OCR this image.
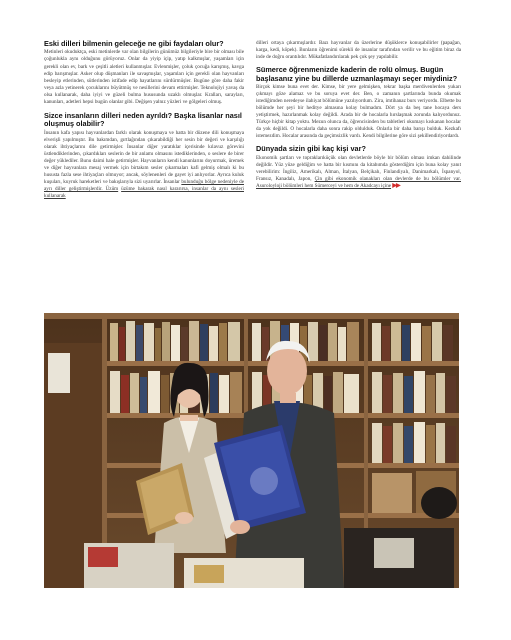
Eski dilleri bilmenin geleceğe ne gibi faydaları olur?
Metinleri okuduktça, eski metinlerde var olan bilgilerin günümüz bilgileriyle bire bir olması bile çoğunlukla aynı olduğunu görüyoruz. Onlar da yiyip içip, yatıp kalkmışlar, yaşamları için gerekli olan ev, bark ve çeşitli aletleri kullanmışlar. Evlenmişler, çoluk çocuğa karışmış, kavga edip barışmışlar. Asker olup düşmanları ile savaşmışlar, yaşamları için gerekli olan hayvanları besleyip etlerinden, sütlerinden istifade edip hayatlarını sürdürmüşler. Bugüne göre daha fakir veya azla yetinerek çocuklarını büyütmüş ve nesillerini devam ettirmişler. Teknolojiyi yavaş da olsa kullanarak, daha iyiyi ve güzeli bulma hususunda uzaklı olmuşlar. Kralları, sarayları, kanunları, adetleri hepsi bugün olanlar gibi. Değişen yalnız yüzleri ve gölgeleri olmuş.
Sizce insanların dilleri neden ayrıldı? Başka lisanlar nasıl oluşmuş olabilir?
İnsanın kafa yapısı hayvanlardan farklı olarak konuşmaya ve hatta bir düzene dili konuşmaya elverişli yapılmıştır. Bu bakımdan, gırtlağından çıkarabildiği her sesin bir değeri ve karşılığı olarak ihtiyaçlarını dile getirmişler. İnsanlar diğer yaratıklar içerisinde kılavuz görevini üstlendiklerinden, çıkardıkları seslerin de bir anlamı olmasını istediklerinden, o seslere de birer değer yüklediler. Bunu daimi hale getirmişler. Hayvanların kendi kanunlarını doyurmak, üremek ve diğer hayvanlara mesaj vermek için birtakım sesler çıkarmaları kafi gelmiş olmalı ki bu hususta fazla sese ihtiyaçları olmuyor; ancak, söylenenleri de gayet iyi anlıyorlar. Ayrıca kuluk kuşuları, kuyruk hareketleri ve bakışlarıyla sizi uyarırlar. İnsanlar bulunduğu bölge nedeniyle de ayrı diller geliştirmişlerdir. Üzüm üzüme bakarak nasıl kararırsa, insanlar da aynı sesleri kullanarak
dilleri ortaya çıkarmışlardır. Bazı hayvanlar da üzerlerine düşüklerce konuşabilirler (papağan, karga, kedi, köpek). Bunların öğrenimi sürekli de insanlar tarafından verilir ve bu eğitim biraz da inde de doğru orantılıdır. Mükafatlandırılarak pek çok şey yapılabilir.
Sümerce öğrenmenizde kaderin de rolü olmuş. Bugün başlasanız yine bu dillerde uzmanlaşmayı seçer miydiniz?
Birçok kimse buna evet der. Kimse, bir yere gelmişken, tekrar başka merdivenlerden yukarı çıkmayı göze alamaz ve bu soruya evet der. Ben, o zamanın şartlarında bunda okumak istediğimden neredeyse ilahiyat bölümüne yazılıyordum. Zira, imtihanaz burs veriyordu. Elbette bu bölümde her şeyi bir heditye almasına kolay bulmadım. Dört ya da beş tane hocaya ders yetiştirmek, hazırlanmak kolay değildi. Arada bir de hocalarla hırslaşmak zorunda kalıyordunuz. Türkçe hiçbir kitap yoktu. Mezun olunca da, öğrencisinden bu tabletleri okumayı kıskanan hocalar da yok değildi. O hocalarla daha sonra rakip oldulduk. Onlarla bir daha barışı bulduk. Kezkafı istemezdim. Hocalar arasında da geçimsizlik vardı. Kendi bilgilerine göre sizi şekillendiriyordardı.
Dünyada sizin gibi kaç kişi var?
Ekonomik şartları ve topraklarıküçük olan devletlerde böyle bir bölüm olması imkan dahilinde değildir. Yüz yüze geldiğim ve hatta bir kısmını da kitabımda gösterdiğim için buna kolay yanıt verebilirim: İngiliz, Amerikalı, Alman, İtalyan, Belçikalı, Finlandiyalı, Danimarkalı, İspanyol, Fransız, Kanadalı, Japon, Çin gibi ekonomik olanakları olan devlerde de bu bölümler var. Asuroloyloji bölümleri hem Sümerceyi ve hem de Akadcayı içine ▶▶
